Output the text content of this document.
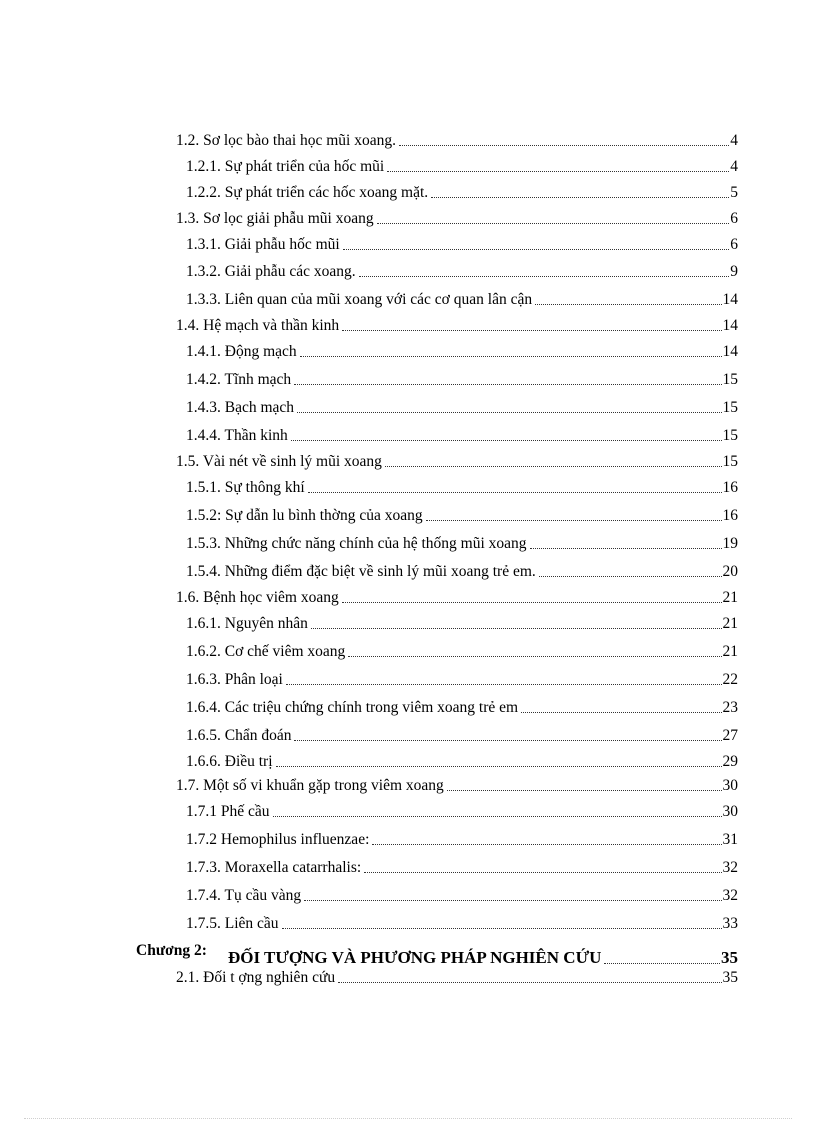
1.2. Sơ lọc bào thai học mũi xoang.	4
1.2.1. Sự phát triển của hốc mũi	4
1.2.2. Sự phát triển các hốc xoang mặt.	5
1.3. Sơ lọc giải phẫu mũi xoang	6
1.3.1. Giải phẫu hốc mũi	6
1.3.2. Giải phẫu các xoang.	9
1.3.3. Liên quan của mũi xoang với các cơ quan lân cận	14
1.4. Hệ mạch và thần kinh	14
1.4.1. Động mạch	14
1.4.2. Tĩnh mạch	15
1.4.3. Bạch mạch	15
1.4.4. Thần kinh	15
1.5. Vài nét về sinh lý mũi xoang	15
1.5.1. Sự thông khí	16
1.5.2: Sự dẫn lu bình thờng của xoang	16
1.5.3. Những chức năng chính của hệ thống mũi xoang	19
1.5.4. Những điểm đặc biệt về sinh lý mũi xoang trẻ em.	20
1.6. Bệnh học viêm xoang	21
1.6.1. Nguyên nhân	21
1.6.2. Cơ chế viêm xoang	21
1.6.3. Phân loại	22
1.6.4. Các triệu chứng chính trong viêm xoang trẻ em	23
1.6.5. Chẩn đoán	27
1.6.6. Điều trị	29
1.7. Một số vi khuẩn gặp trong viêm xoang	30
1.7.1 Phế cầu	30
1.7.2 Hemophilus influenzae:	31
1.7.3. Moraxella catarrhalis:	32
1.7.4. Tụ cầu vàng	32
1.7.5. Liên cầu	33
Chương 2: ĐỐI TƯỢNG VÀ PHƯƠNG PHÁP NGHIÊN CỨU	35
2.1. Đối t ợng nghiên cứu	35
